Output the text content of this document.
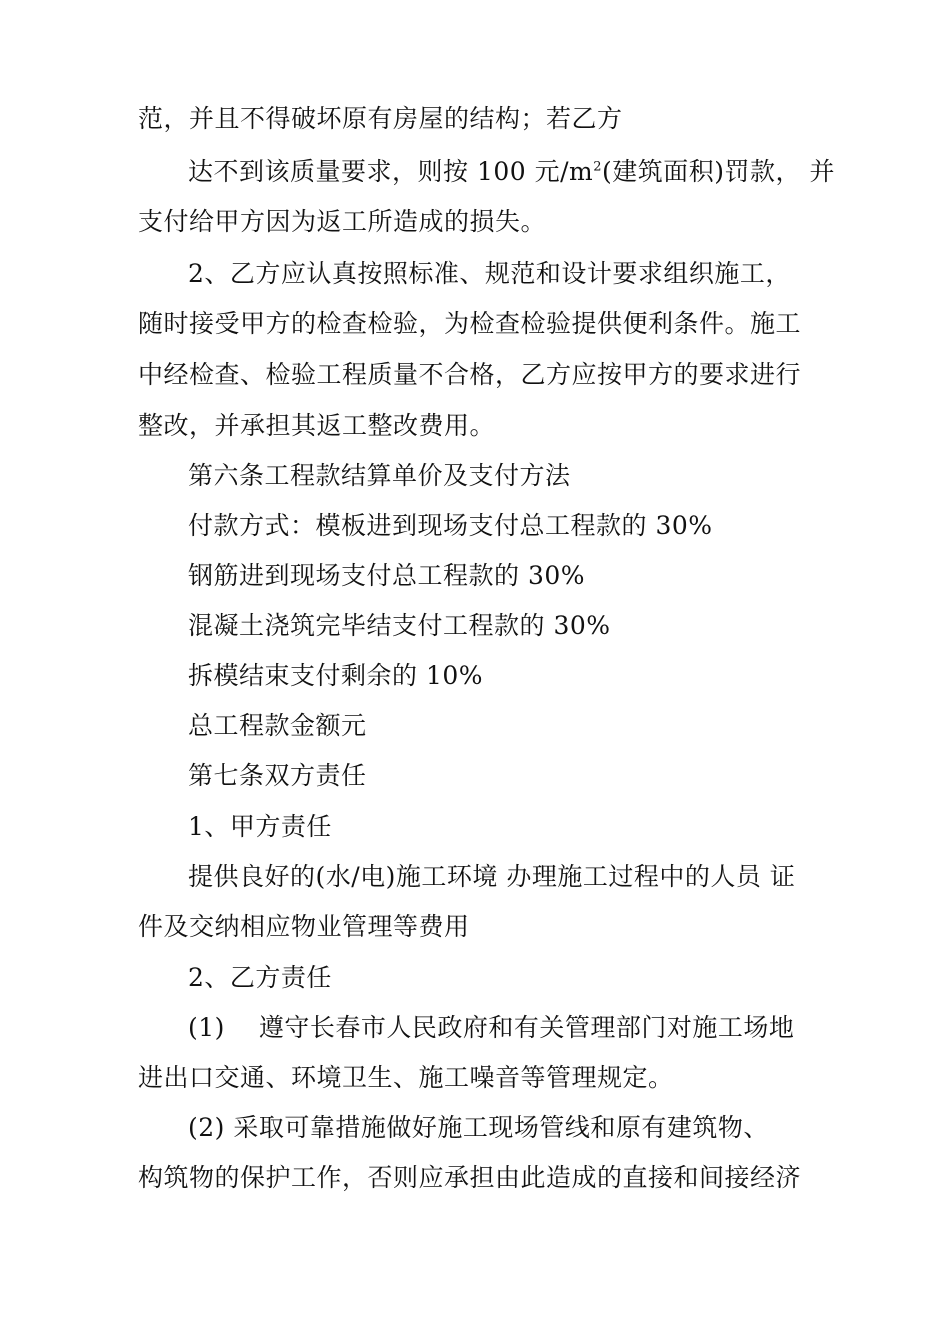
范，并且不得破坏原有房屋的结构；若乙方
达不到该质量要求，则按 100 元$/m^2$(建筑面积)罚款， 并
支付给甲方因为返工所造成的损失。
2、乙方应认真按照标准、规范和设计要求组织施工，
随时接受甲方的检查检验，为检查检验提供便利条件。施工
中经检查、检验工程质量不合格，乙方应按甲方的要求进行
整改，并承担其返工整改费用。
第六条工程款结算单价及支付方法
付款方式：模板进到现场支付总工程款的 30%
钢筋进到现场支付总工程款的 30%
混凝土浇筑完毕结支付工程款的 30%
拆模结束支付剩余的 10%
总工程款金额元
第七条双方责任
1、甲方责任
提供良好的(水/电)施工环境 办理施工过程中的人员 证
件及交纳相应物业管理等费用
2、乙方责任
(1)　 遵守长春市人民政府和有关管理部门对施工场地
进出口交通、环境卫生、施工噪音等管理规定。
(2) 采取可靠措施做好施工现场管线和原有建筑物、
构筑物的保护工作，否则应承担由此造成的直接和间接经济
